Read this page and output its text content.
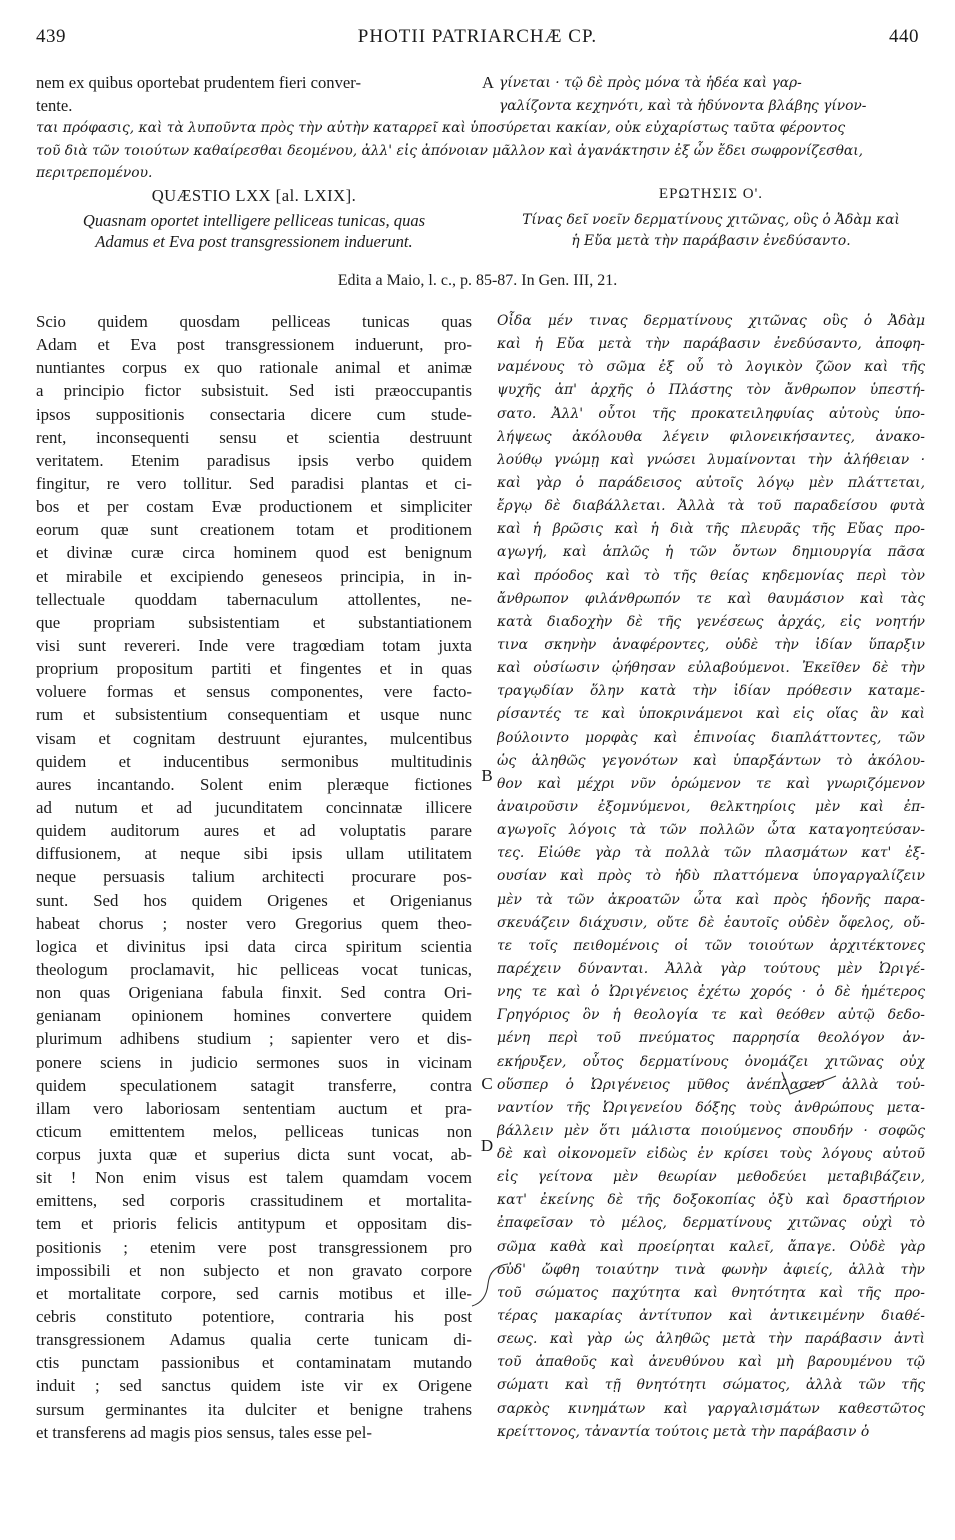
439	PHOTII PATRIARCHÆ CP.	440
nem ex quibus oportebat prudentem fieri conver-	A γίνεται · τῷ δὲ πρὸς μόνα τὰ ἡδέα καὶ γαρ-
tente.	γαλίζοντα κεχηνότι, καὶ τὰ ἡδύνοντα βλάβης γίνον-
ται πρόφασις, καὶ τὰ λυποῦντα πρὸς τὴν αὐτὴν καταρρεῖ καὶ ὑποσύρεται κακίαν, οὐκ εὐχαρίστως ταῦτα φέροντος
τοῦ διὰ τῶν τοιούτων καθαίρεσθαι δεομένου, ἀλλ' εἰς ἀπόνοιαν μᾶλλον καὶ ἀγανάκτησιν ἐξ ὧν ἔδει σωφρονίζεσθαι,
περιτρεπομένου.
QUÆSTIO LXX [al. LXIX].	ΕΡΩΤΗΣΙΣ Ο'.
Quasnam oportet intelligere pelliceas tunicas, quas
Adamus et Eva post transgressionem induerunt.
Τίνας δεῖ νοεῖν δερματίνους χιτῶνας, οὓς ὁ Ἀδὰμ καὶ
ἡ Εὔα μετὰ τὴν παράβασιν ἐνεδύσαντο.
Edita a Maio, l. c., p. 85-87. In Gen. III, 21.
Scio quidem quosdam pelliceas tunicas quas
Adam et Eva post transgressionem induerunt, pro-
nuntiantes corpus ex quo rationale animal et animæ
a principio fictor subsistuit. Sed isti præoccupantis
ipsos suppositionis consectaria dicere cum stude-
rent, inconsequenti sensu et scientia destruunt
veritatem. Etenim paradisus ipsis verbo quidem
fingitur, re vero tollitur. Sed paradisi plantas et ci-
bos et per costam Evæ productionem et simpliciter
eorum quæ sunt creationem totam et proditionem
et divinæ curæ circa hominem quod est benignum
et mirabile et excipiendo geneseos principia, in in-
tellectuale quoddam tabernaculum attollentes, ne-
que propriam subsistentiam et substantiationem
visi sunt revereri. Inde vere tragœdiam totam juxta
proprium propositum partiti et fingentes et in quas
voluere formas et sensus componentes, vere facto-
rum et subsistentium consequentiam et usque nunc
visam et cognitam destruunt ejurantes, mulcentibus
quidem et inducentibus sermonibus multitudinis
aures incantando. Solent enim pleræque fictiones
ad nutum et ad jucunditatem concinnatæ illicere
quidem auditorum aures et ad voluptatis parare
diffusionem, at neque sibi ipsis ullam utilitatem
neque persuasis talium architecti procurare pos-
sunt. Sed hos quidem Origenes et Origenianus
habeat chorus ; noster vero Gregorius quem theo-
logica et divinitus ipsi data circa spiritum scientia
theologum proclamavit, hic pelliceas vocat tunicas,
non quas Origeniana fabula finxit. Sed contra Ori-
genianam opinionem homines convertere quidem
plurimum adhibens studium ; sapienter vero et dis-
ponere sciens in judicio sermones suos in vicinam
quidem speculationem satagit transferre, contra
illam vero laboriosam sententiam auctum et pra-
cticum emittentem melos, pelliceas tunicas non
corpus juxta quæ et superius dicta sunt vocat, ab-
sit ! Non enim visus est talem quamdam vocem
emittens, sed corporis crassitudinem et mortalita-
tem et prioris felicis antitypum et oppositam dis-
positionis ; etenim vere post transgressionem pro
impossibili et non subjecto et non gravato corpore
et mortalitate corpore, sed carnis motibus et ille-
cebris constituto potentiore, contraria his post
transgressionem Adamus qualia certe tunicam di-
ctis punctam passionibus et contaminatam mutando
induit ; sed sanctus quidem iste vir ex Origene
sursum germinantes ita dulciter et benigne trahens
et transferens ad magis pios sensus, tales esse pel-
Οἶδα μέν τινας δερματίνους χιτῶνας οὓς ὁ Ἀδὰμ
καὶ ἡ Εὔα μετὰ τὴν παράβασιν ἐνεδύσαντο, ἀποφη-
ναμένους τὸ σῶμα ἐξ οὗ τὸ λογικὸν ζῶον καὶ τῆς
ψυχῆς ἀπ' ἀρχῆς ὁ Πλάστης τὸν ἄνθρωπον ὑπεστή-
σατο. Ἀλλ' οὗτοι τῆς προκατειληφυίας αὐτοὺς ὑπο-
λήψεως ἀκόλουθα λέγειν φιλονεικήσαντες, ἀνακο-
λούθῳ γνώμῃ καὶ γνώσει λυμαίνονται τὴν ἀλήθειαν ·
καὶ γὰρ ὁ παράδεισος αὐτοῖς λόγῳ μὲν πλάττεται,
ἔργῳ δὲ διαβάλλεται. Ἀλλὰ τὰ τοῦ παραδείσου φυτὰ
καὶ ἡ βρῶσις καὶ ἡ διὰ τῆς πλευρᾶς τῆς Εὔας προ-
αγωγή, καὶ ἁπλῶς ἡ τῶν ὄντων δημιουργία πᾶσα
καὶ πρόοδος καὶ τὸ τῆς θείας κηδεμονίας περὶ τὸν
ἄνθρωπον φιλάνθρωπόν τε καὶ θαυμάσιον καὶ τὰς
κατὰ διαδοχὴν δὲ τῆς γενέσεως ἀρχάς, εἰς νοητήν
τινα σκηνὴν ἀναφέροντες, οὐδὲ τὴν ἰδίαν ὕπαρξιν
καὶ οὐσίωσιν ᾠήθησαν εὐλαβούμενοι. Ἐκεῖθεν δὲ τὴν
τραγῳδίαν ὅλην κατὰ τὴν ἰδίαν πρόθεσιν καταμε-
ρίσαντές τε καὶ ὑποκρινάμενοι καὶ εἰς οἵας ἂν καὶ
βούλοιντο μορφὰς καὶ ἐπινοίας διαπλάττοντες, τῶν
ὡς ἀληθῶς γεγονότων καὶ ὑπαρξάντων τὸ ἀκόλου-
θον καὶ μέχρι νῦν ὁρώμενον τε καὶ γνωριζόμενον
ἀναιροῦσιν ἐξομνύμενοι, θελκτηρίοις μὲν καὶ ἐπ-
αγωγοῖς λόγοις τὰ τῶν πολλῶν ὦτα καταγοητεύσαν-
τες. Εἰώθε γὰρ τὰ πολλὰ τῶν πλασμάτων κατ' ἐξ-
ουσίαν καὶ πρὸς τὸ ἡδὺ πλαττόμενα ὑπογαργαλίζειν
μὲν τὰ τῶν ἀκροατῶν ὦτα καὶ πρὸς ἡδονῆς παρα-
σκευάζειν διάχυσιν, οὔτε δὲ ἑαυτοῖς οὐδὲν ὄφελος, οὔ-
τε τοῖς πειθομένοις οἱ τῶν τοιούτων ἀρχιτέκτονες
παρέχειν δύνανται. Ἀλλὰ γὰρ τούτους μὲν Ὠριγέ-
νης τε καὶ ὁ Ὠριγένειος ἐχέτω χορός · ὁ δὲ ἡμέτερος
Γρηγόριος ὃν ἡ θεολογία τε καὶ θεόθεν αὐτῷ δεδο-
μένη περὶ τοῦ πνεύματος παρρησία θεολόγον ἀν-
εκήρυξεν, οὗτος δερματίνους ὀνομάζει χιτῶνας οὐχ
οὕσπερ ὁ Ὠριγένειος μῦθος ἀνέπλασεν ἀλλὰ τοὐ-
ναντίον τῆς Ὠριγενείου δόξης τοὺς ἀνθρώπους μετα-
βάλλειν μὲν ὅτι μάλιστα ποιούμενος σπουδήν · σοφῶς
δὲ καὶ οἰκονομεῖν εἰδὼς ἐν κρίσει τοὺς λόγους αὐτοῦ
εἰς γείτονα μὲν θεωρίαν μεθοδεύει μεταβιβάζειν,
κατ' ἐκείνης δὲ τῆς δοξοκοπίας ὀξὺ καὶ δραστήριον
ἐπαφεῖσαν τὸ μέλος, δερματίνους χιτῶνας οὐχὶ τὸ
σῶμα καθὰ καὶ προείρηται καλεῖ, ἄπαγε. Οὐδὲ γὰρ
οὐδ' ὤφθη τοιαύτην τινὰ φωνὴν ἀφιείς, ἀλλὰ τὴν
τοῦ σώματος παχύτητα καὶ θνητότητα καὶ τῆς προ-
τέρας μακαρίας ἀντίτυπον καὶ ἀντικειμένην διαθέ-
σεως. καὶ γὰρ ὡς ἀληθῶς μετὰ τὴν παράβασιν ἀντὶ
τοῦ ἀπαθοῦς καὶ ἀνευθύνου καὶ μὴ βαρουμένου τῷ
σώματι καὶ τῇ θνητότητι σώματος, ἀλλὰ τῶν τῆς
σαρκὸς κινημάτων καὶ γαργαλισμάτων καθεστῶτος
κρείττονος, τἀναντία τούτοις μετὰ τὴν παράβασιν ὁ
B
C
D
